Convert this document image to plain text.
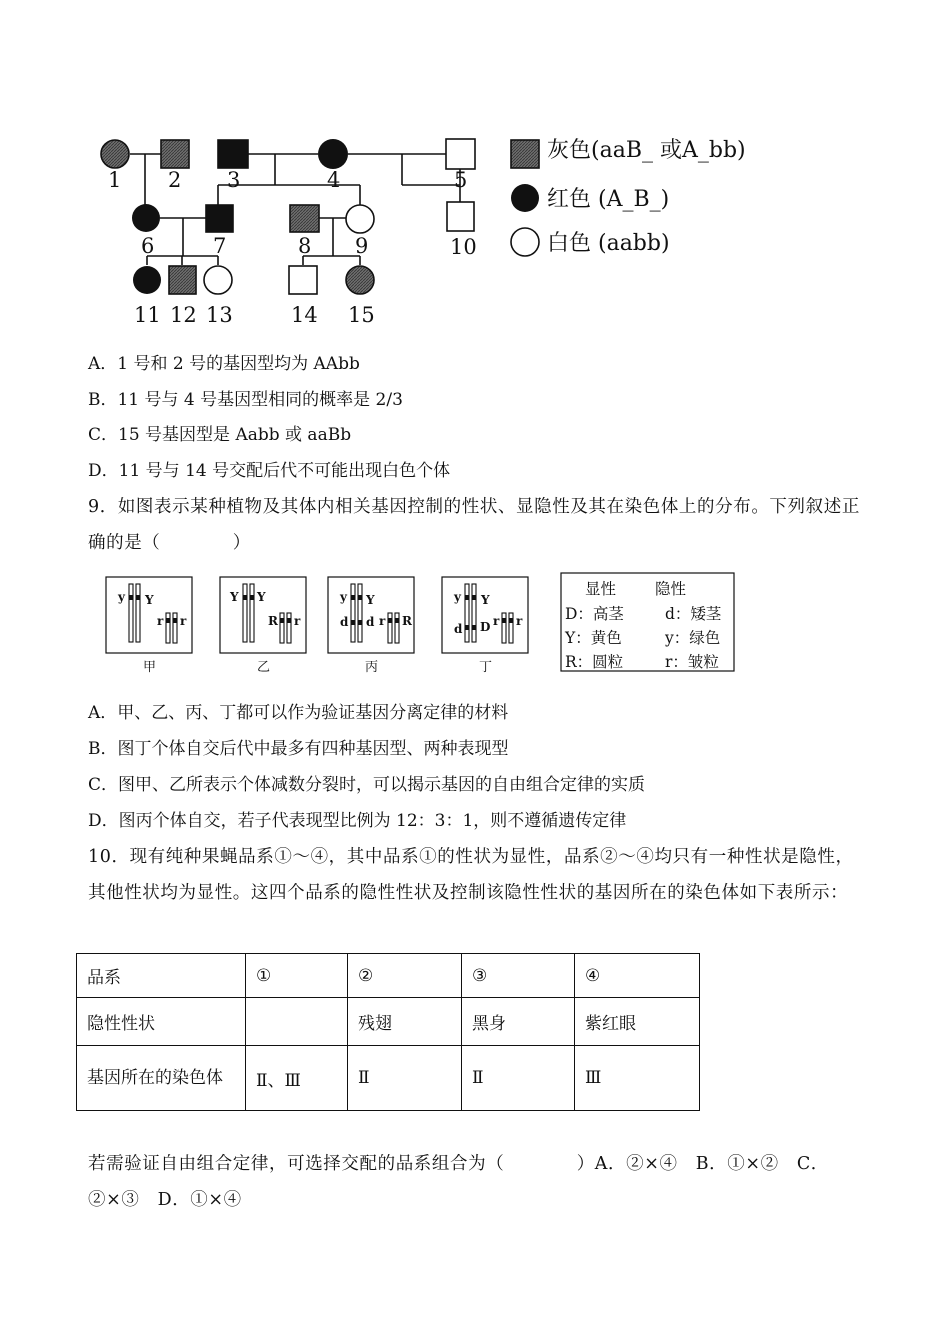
1 2 3	4	5
6	7	8 9	10
11 12 13	14 15
灰色(aaB_ 或A_bb)
红色 (A_B_)
白色 (aabb)
A．1 号和 2 号的基因型均为 AAbb
B．11 号与 4 号基因型相同的概率是 2/3
C．15 号基因型是 Aabb 或 aaBb
D．11 号与 14 号交配后代不可能出现白色个体
9．如图表示某种植物及其体内相关基因控制的性状、显隐性及其在染色体上的分布。下列叙述正确的是（　　　　）
y Y
r r
Y Y
R r
y Y
d d r R
y Y
d D r r
甲	乙	丙	丁
显性	隐性
D：高茎	d：矮茎
Y：黄色	y：绿色
R：圆粒	r：皱粒
A．甲、乙、丙、丁都可以作为验证基因分离定律的材料
B．图丁个体自交后代中最多有四种基因型、两种表现型
C．图甲、乙所表示个体减数分裂时，可以揭示基因的自由组合定律的实质
D．图丙个体自交，若子代表现型比例为 12：3：1，则不遵循遗传定律
10．现有纯种果蝇品系①～④，其中品系①的性状为显性，品系②～④均只有一种性状是隐性，其他性状均为显性。这四个品系的隐性性状及控制该隐性性状的基因所在的染色体如下表所示：
品系	①	②	③	④
隐性性状		残翅	黑身	紫红眼
基因所在的染色体	Ⅱ、Ⅲ	Ⅱ	Ⅱ	Ⅲ
若需验证自由组合定律，可选择交配的品系组合为（　　　　）A．②×④　B．①×②　C．②×③　D．①×④
